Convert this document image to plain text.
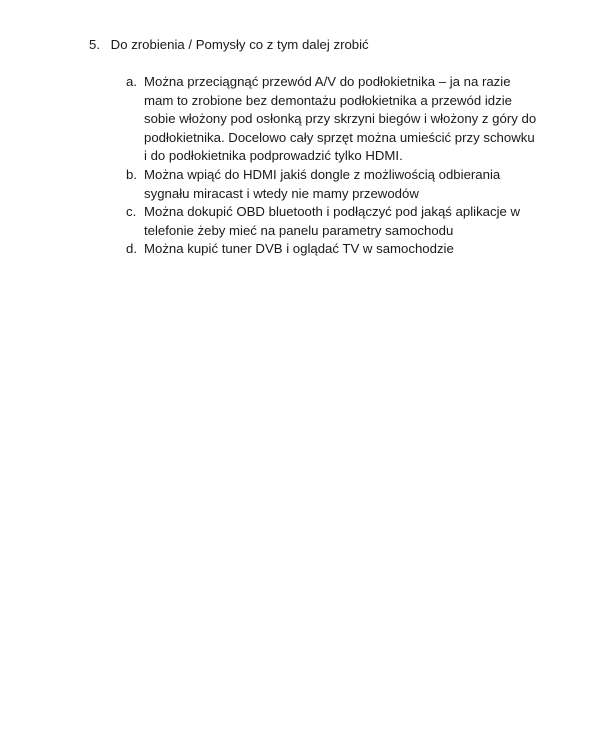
5. Do zrobienia / Pomysły co z tym dalej zrobić
a. Można przeciągnąć przewód A/V do podłokietnika – ja na razie
mam to zrobione bez demontażu podłokietnika a przewód idzie
sobie włożony pod osłonką przy skrzyni biegów i włożony z góry do
podłokietnika. Docelowo cały sprzęt można umieścić przy schowku
i do podłokietnika podprowadzić tylko HDMI.
b. Można wpiąć do HDMI jakiś dongle z możliwością odbierania
sygnału miracast i wtedy nie mamy przewodów
c. Można dokupić OBD bluetooth i podłączyć pod jakąś aplikacje w
telefonie żeby mieć na panelu parametry samochodu
d. Można kupić tuner DVB i oglądać TV w samochodzie
